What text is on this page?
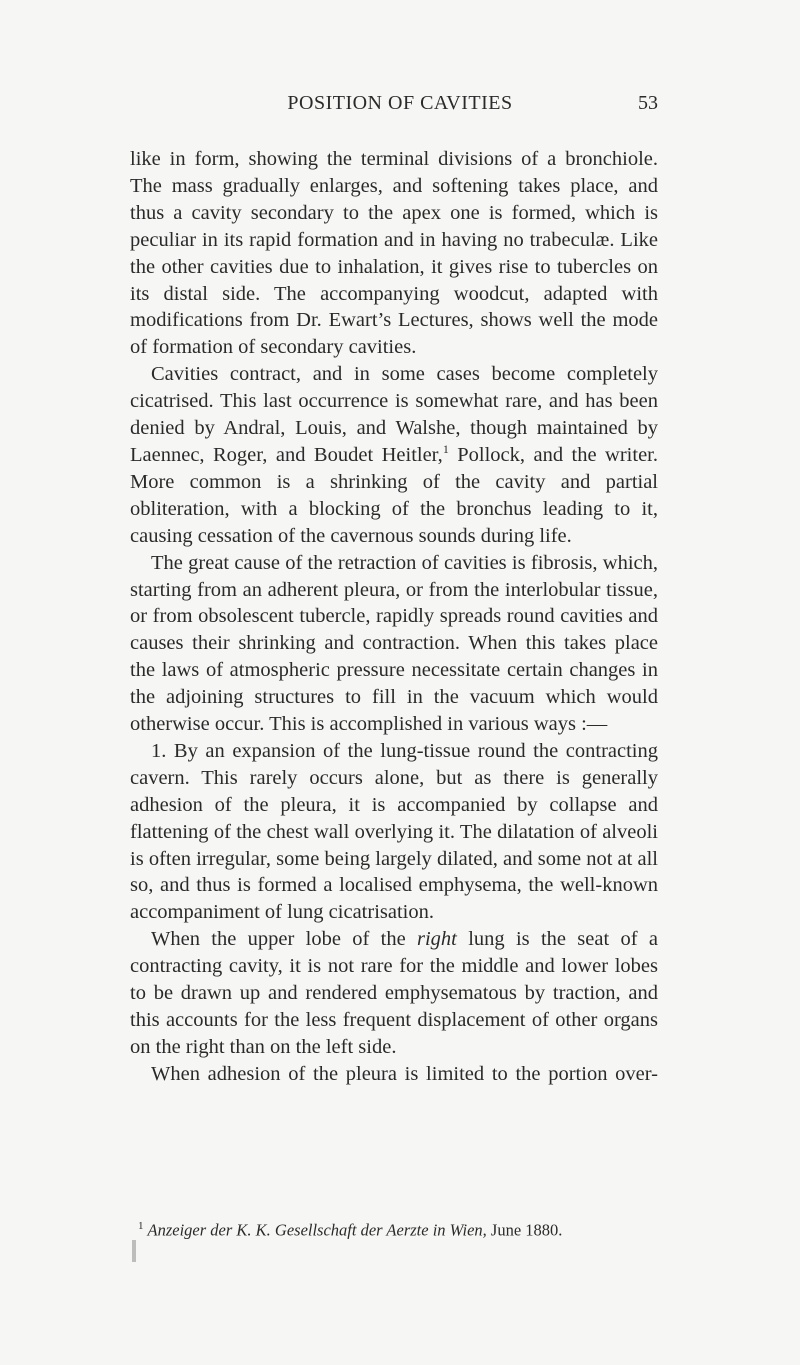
POSITION OF CAVITIES	53

like in form, showing the terminal divisions of a bronchiole. The mass gradually enlarges, and softening takes place, and thus a cavity secondary to the apex one is formed, which is peculiar in its rapid formation and in having no trabeculæ. Like the other cavities due to inhalation, it gives rise to tubercles on its distal side. The accompanying woodcut, adapted with modifications from Dr. Ewart’s Lectures, shows well the mode of formation of secondary cavities.

Cavities contract, and in some cases become completely cicatrised. This last occurrence is somewhat rare, and has been denied by Andral, Louis, and Walshe, though maintained by Laennec, Roger, and Boudet Heitler,$^1$ Pollock, and the writer. More common is a shrinking of the cavity and partial obliteration, with a blocking of the bronchus leading to it, causing cessation of the cavernous sounds during life.

The great cause of the retraction of cavities is fibrosis, which, starting from an adherent pleura, or from the interlobular tissue, or from obsolescent tubercle, rapidly spreads round cavities and causes their shrinking and contraction. When this takes place the laws of atmospheric pressure necessitate certain changes in the adjoining structures to fill in the vacuum which would otherwise occur. This is accomplished in various ways :—

1. By an expansion of the lung-tissue round the contracting cavern. This rarely occurs alone, but as there is generally adhesion of the pleura, it is accompanied by collapse and flattening of the chest wall overlying it. The dilatation of alveoli is often irregular, some being largely dilated, and some not at all so, and thus is formed a localised emphysema, the well-known accompaniment of lung cicatrisation.

When the upper lobe of the right lung is the seat of a contracting cavity, it is not rare for the middle and lower lobes to be drawn up and rendered emphysematous by traction, and this accounts for the less frequent displacement of other organs on the right than on the left side.

When adhesion of the pleura is limited to the portion over-

$^1$ Anzeiger der K. K. Gesellschaft der Aerzte in Wien, June 1880.
